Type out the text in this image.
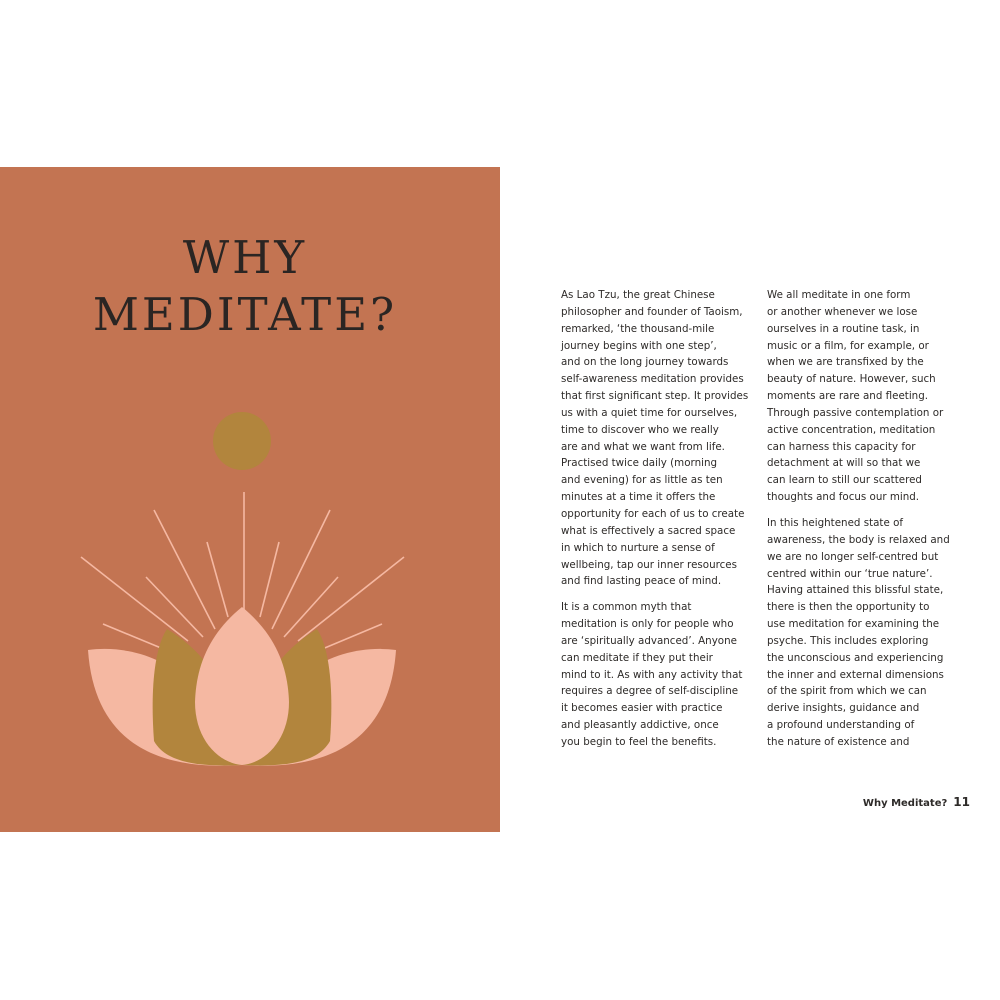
WHY
MEDITATE?	As Lao Tzu, the great Chinese
philosopher and founder of Taoism,
remarked, ‘the thousand-mile
journey begins with one step’,
and on the long journey towards
self-awareness meditation provides
that first significant step. It provides
us with a quiet time for ourselves,
time to discover who we really
are and what we want from life.
Practised twice daily (morning
and evening) for as little as ten
minutes at a time it offers the
opportunity for each of us to create
what is effectively a sacred space
in which to nurture a sense of
wellbeing, tap our inner resources
and find lasting peace of mind.

It is a common myth that
meditation is only for people who
are ‘spiritually advanced’. Anyone
can meditate if they put their
mind to it. As with any activity that
requires a degree of self-discipline
it becomes easier with practice
and pleasantly addictive, once
you begin to feel the benefits.

We all meditate in one form
or another whenever we lose
ourselves in a routine task, in
music or a film, for example, or
when we are transfixed by the
beauty of nature. However, such
moments are rare and fleeting.
Through passive contemplation or
active concentration, meditation
can harness this capacity for
detachment at will so that we
can learn to still our scattered
thoughts and focus our mind.

In this heightened state of
awareness, the body is relaxed and
we are no longer self-centred but
centred within our ‘true nature’.
Having attained this blissful state,
there is then the opportunity to
use meditation for examining the
psyche. This includes exploring
the unconscious and experiencing
the inner and external dimensions
of the spirit from which we can
derive insights, guidance and
a profound understanding of
the nature of existence and

Why Meditate? 11
